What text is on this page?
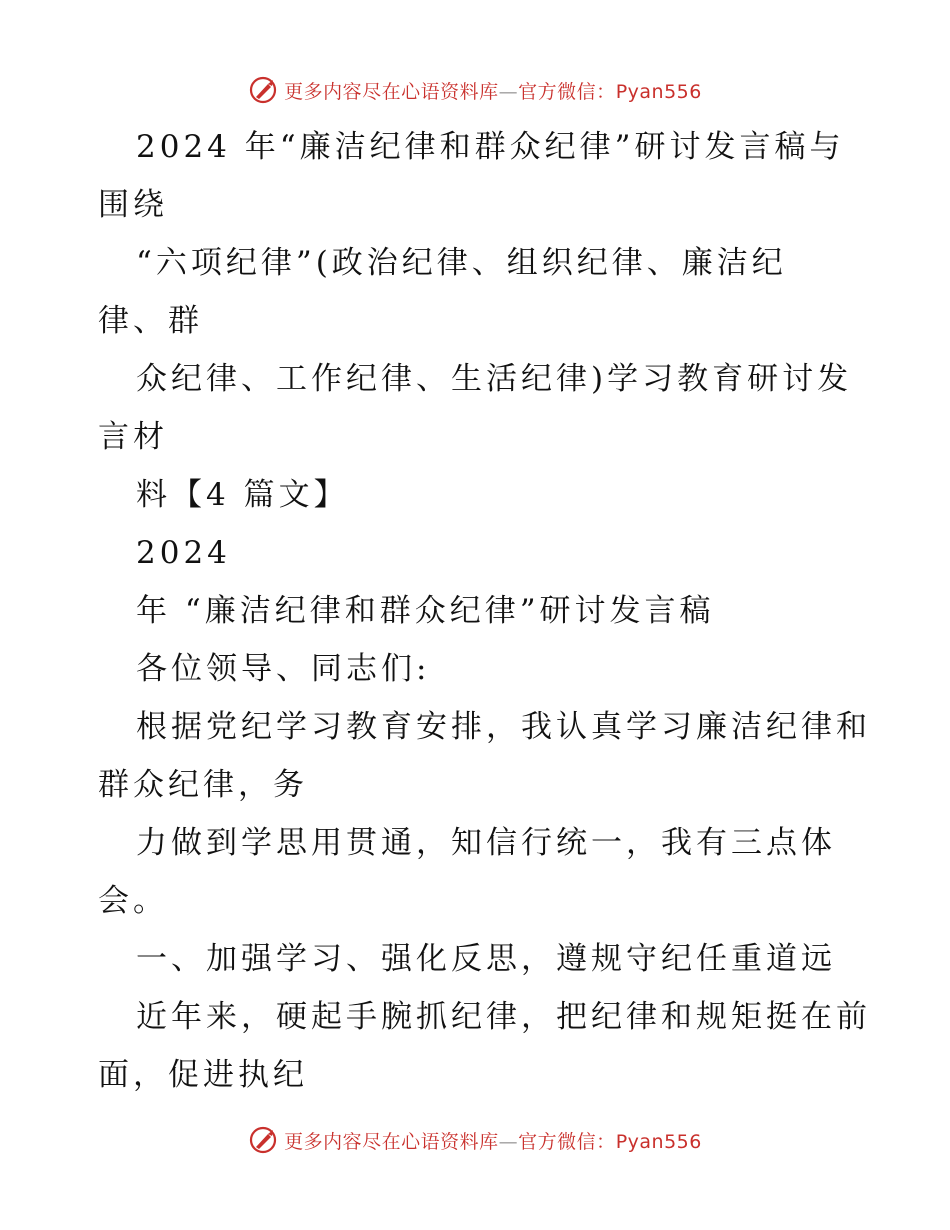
更多内容尽在心语资料库—官方微信：Pyan556
2024 年“廉洁纪律和群众纪律”研讨发言稿与
围绕
“六项纪律”(政治纪律、组织纪律、廉洁纪
律、群
众纪律、工作纪律、生活纪律)学习教育研讨发
言材
料【4 篇文】
2024
年 “廉洁纪律和群众纪律”研讨发言稿
各位领导、同志们:
根据党纪学习教育安排，我认真学习廉洁纪律和
群众纪律，务
力做到学思用贯通，知信行统一，我有三点体
会。
一、加强学习、强化反思，遵规守纪任重道远
近年来，硬起手腕抓纪律，把纪律和规矩挺在前
面，促进执纪
更多内容尽在心语资料库—官方微信：Pyan556
